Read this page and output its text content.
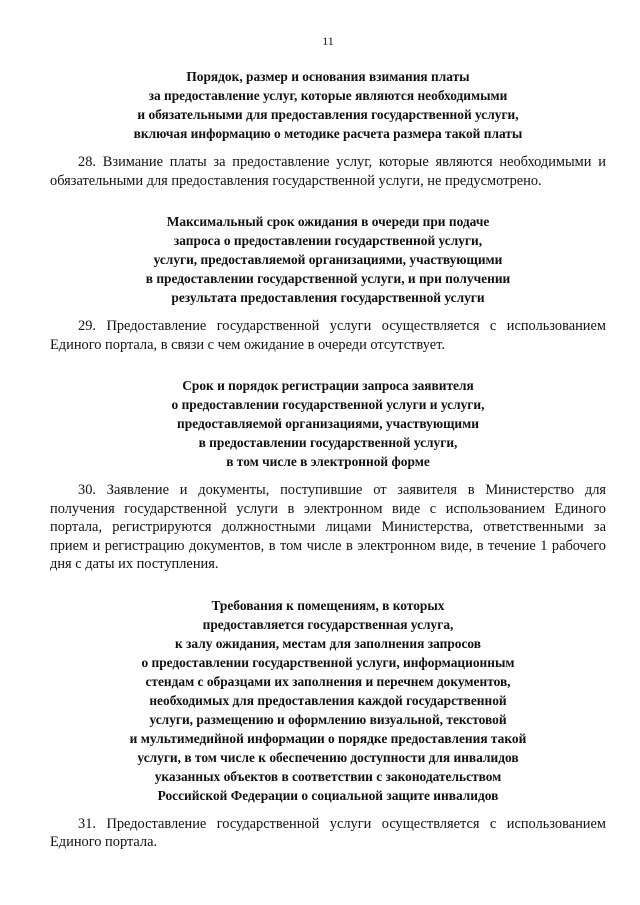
11
Порядок, размер и основания взимания платы
за предоставление услуг, которые являются необходимыми
и обязательными для предоставления государственной услуги,
включая информацию о методике расчета размера такой платы

28. Взимание платы за предоставление услуг, которые являются необходимыми и обязательными для предоставления государственной услуги, не предусмотрено.

Максимальный срок ожидания в очереди при подаче
запроса о предоставлении государственной услуги,
услуги, предоставляемой организациями, участвующими
в предоставлении государственной услуги, и при получении
результата предоставления государственной услуги

29. Предоставление государственной услуги осуществляется с использованием Единого портала, в связи с чем ожидание в очереди отсутствует.

Срок и порядок регистрации запроса заявителя
о предоставлении государственной услуги и услуги,
предоставляемой организациями, участвующими
в предоставлении государственной услуги,
в том числе в электронной форме

30. Заявление и документы, поступившие от заявителя в Министерство для получения государственной услуги в электронном виде с использованием Единого портала, регистрируются должностными лицами Министерства, ответственными за прием и регистрацию документов, в том числе в электронном виде, в течение 1 рабочего дня с даты их поступления.

Требования к помещениям, в которых
предоставляется государственная услуга,
к залу ожидания, местам для заполнения запросов
о предоставлении государственной услуги, информационным
стендам с образцами их заполнения и перечнем документов,
необходимых для предоставления каждой государственной
услуги, размещению и оформлению визуальной, текстовой
и мультимедийной информации о порядке предоставления такой
услуги, в том числе к обеспечению доступности для инвалидов
указанных объектов в соответствии с законодательством
Российской Федерации о социальной защите инвалидов

31. Предоставление государственной услуги осуществляется с использованием Единого портала.
